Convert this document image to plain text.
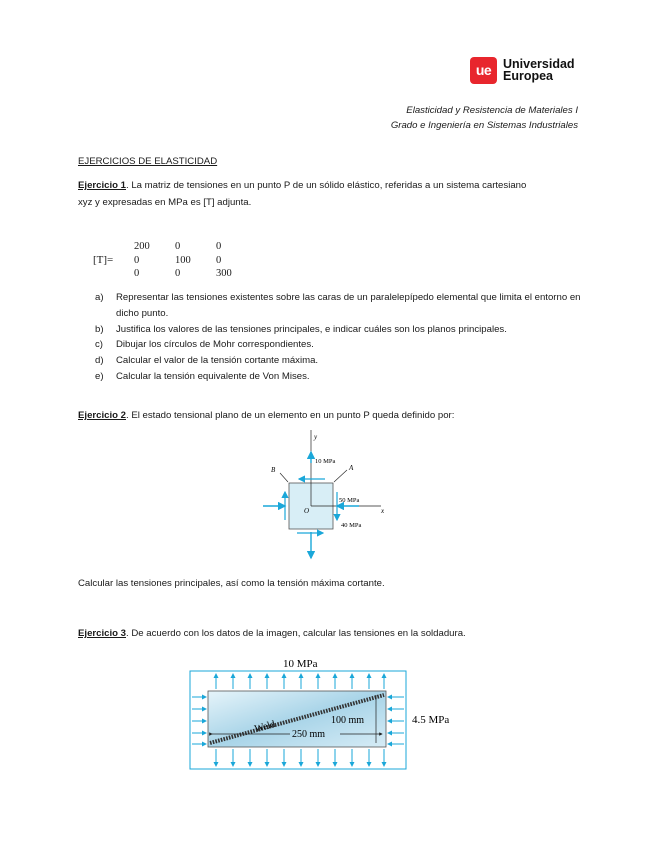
ue Universidad
Europea
Elasticidad y Resistencia de Materiales I
Grado e Ingeniería en Sistemas Industriales
EJERCICIOS DE ELASTICIDAD
Ejercicio 1. La matriz de tensiones en un punto P de un sólido elástico, referidas a un sistema cartesiano
xyz y expresadas en MPa es [T] adjunta.
[T]=
200	0	0
0	100	0
0	0	300
a)	Representar las tensiones existentes sobre las caras de un paralelepípedo elemental que limita el entorno en dicho punto.
b)	Justifica los valores de las tensiones principales, e indicar cuáles son los planos principales.
c)	Dibujar los círculos de Mohr correspondientes.
d)	Calcular el valor de la tensión cortante máxima.
e)	Calcular la tensión equivalente de Von Mises.
Ejercicio 2. El estado tensional plano de un elemento en un punto P queda definido por:
y
x
O
10 MPa
50 MPa
40 MPa
B	A
Calcular las tensiones principales, así como la tensión máxima cortante.
Ejercicio 3. De acuerdo con los datos de la imagen, calcular las tensiones en la soldadura.
10 MPa
Weld	4.5 MPa
100 mm
250 mm
